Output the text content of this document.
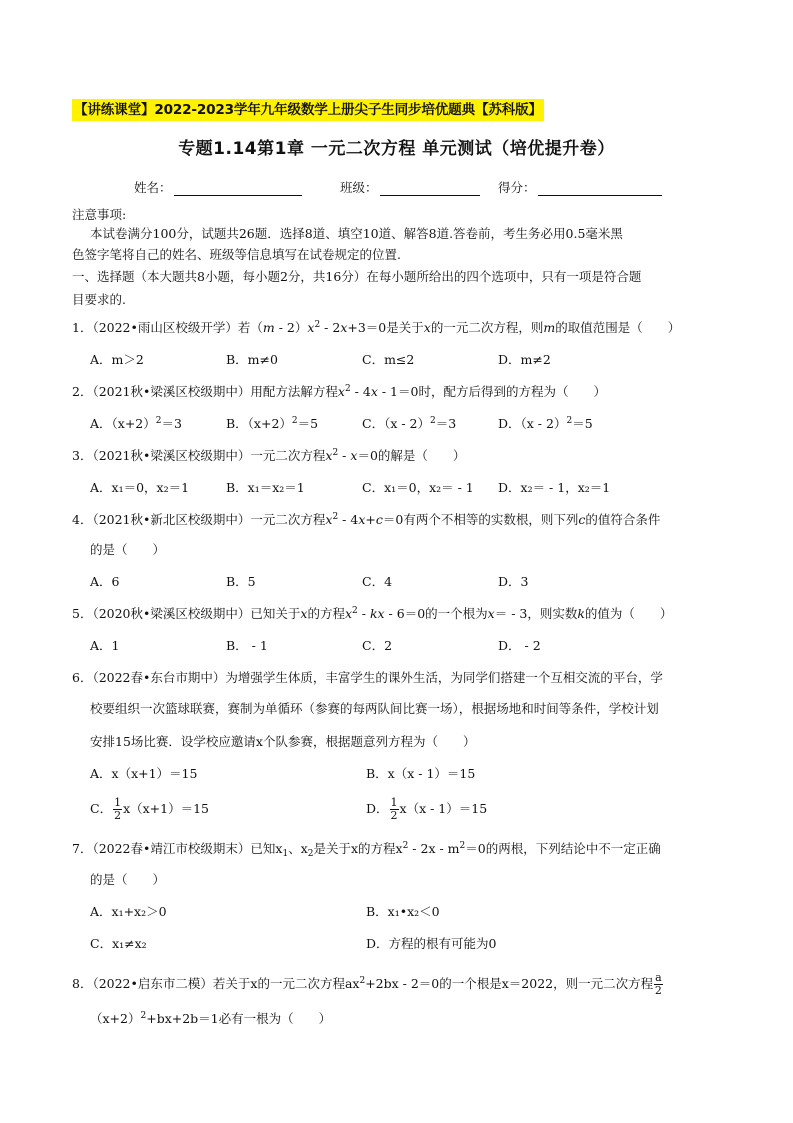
【讲练课堂】2022-2023学年九年级数学上册尖子生同步培优题典【苏科版】
专题1.14第1章 一元二次方程 单元测试（培优提升卷）
姓名：	班级：	得分：
注意事项:
本试卷满分100分，试题共26题．选择8道、填空10道、解答8道.答卷前，考生务必用0.5毫米黑
色签字笔将自己的姓名、班级等信息填写在试卷规定的位置.
一、选择题（本大题共8小题，每小题2分，共16分）在每小题所给出的四个选项中，只有一项是符合题
目要求的.
1．（2022•雨山区校级开学）若$(m - 2)x^2 - 2x+3=0$是关于x的一元二次方程，则m的取值范围是（　　）
A．m＞2	B．m≠0	C．m≤2	D．m≠2
2．（2021秋•梁溪区校级期中）用配方法解方程$x^2 - 4x - 1=0$时，配方后得到的方程为（　　）
A．$(x+2)^2=3$	B．$(x+2)^2=5$	C．（x - 2）$^2$＝3	D．（x - 2）$^2$＝5
3．（2021秋•梁溪区校级期中）一元二次方程$x^2 - x=0$的解是（　　）
A．x₁＝0，x₂＝1	B．x₁＝x₂＝1	C．x₁＝0，x₂＝ - 1 D．x₂＝ - 1，x₂＝1
4．（2021秋•新北区校级期中）一元二次方程$x^2 - 4x+c=0$有两个不相等的实数根，则下列c的值符合条件
的是（　　）
A．6	B．5	C．4	D．3
5．（2020秋•梁溪区校级期中）已知关于x的方程$x^2$ - kx - 6＝0的一个根为x＝ - 3，则实数k的值为（　　）
A．1	B． - 1	C．2	D． - 2
6．（2022春•东台市期中）为增强学生体质，丰富学生的课外生活，为同学们搭建一个互相交流的平台，学
校要组织一次篮球联赛，赛制为单循环（参赛的每两队间比赛一场），根据场地和时间等条件，学校计划
安排15场比赛．设学校应邀请x个队参赛，根据题意列方程为（　　）
A．x（x+1）＝15	B．x（x - 1）＝15
C． $\frac{1}{2} x(x+1)=15$	D． $\frac{1}{2} x(x - 1)=15$
7．（2022春•靖江市校级期末）已知$x_1$、$x_2$是关于x的方程$x^2 - 2x - m^2=0$的两根，下列结论中不一定正确
的是（　　）
A．x₁+x₂＞0	B．x₁•x₂＜0
C．x₁≠x₂	D．方程的根有可能为0
8．（2022•启东市二模）若关于x的一元二次方程$ax^2+2bx - 2=0$的一个根是x＝2022，则一元二次方程 $\frac{a}{2}$
$(x+2)^2+bx+2b=1$必有一根为（　　）
